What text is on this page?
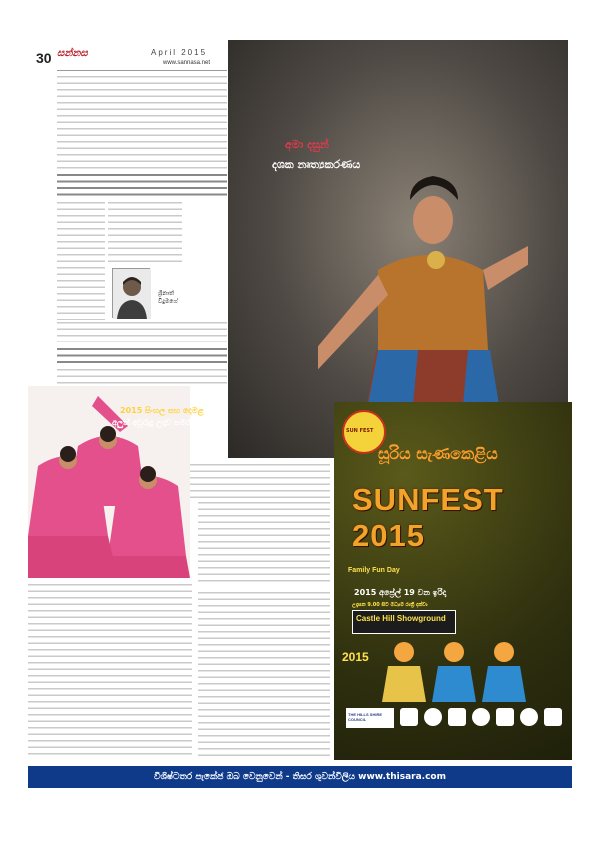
30 සන්නස	April 2015
www.sannasa.net
ශ්‍රීනාත්
වීදුමගේ
අමා දසුන්
දශක නෘත්‍යකරණය
SUN FEST
සූරිය සැණකෙළිය
SUNFEST 2015
Family Fun Day
2015 අප්‍රේල් 19 වන ඉරිදා
උදෑසන 9.00 සිට මධ්‍යම රාත්‍රී දක්වා
Castle Hill Showground
2015
THE HILLS SHIRE COUNCIL
2015 සිංහල සහ දෙමළ
අලුත් අවුරුදු උදාව සමරමින්
විශිෂ්ටතර පැකේජ ඔබ වෙනුවෙන් - තිසර ශුවන්විලිය www.thisara.com
